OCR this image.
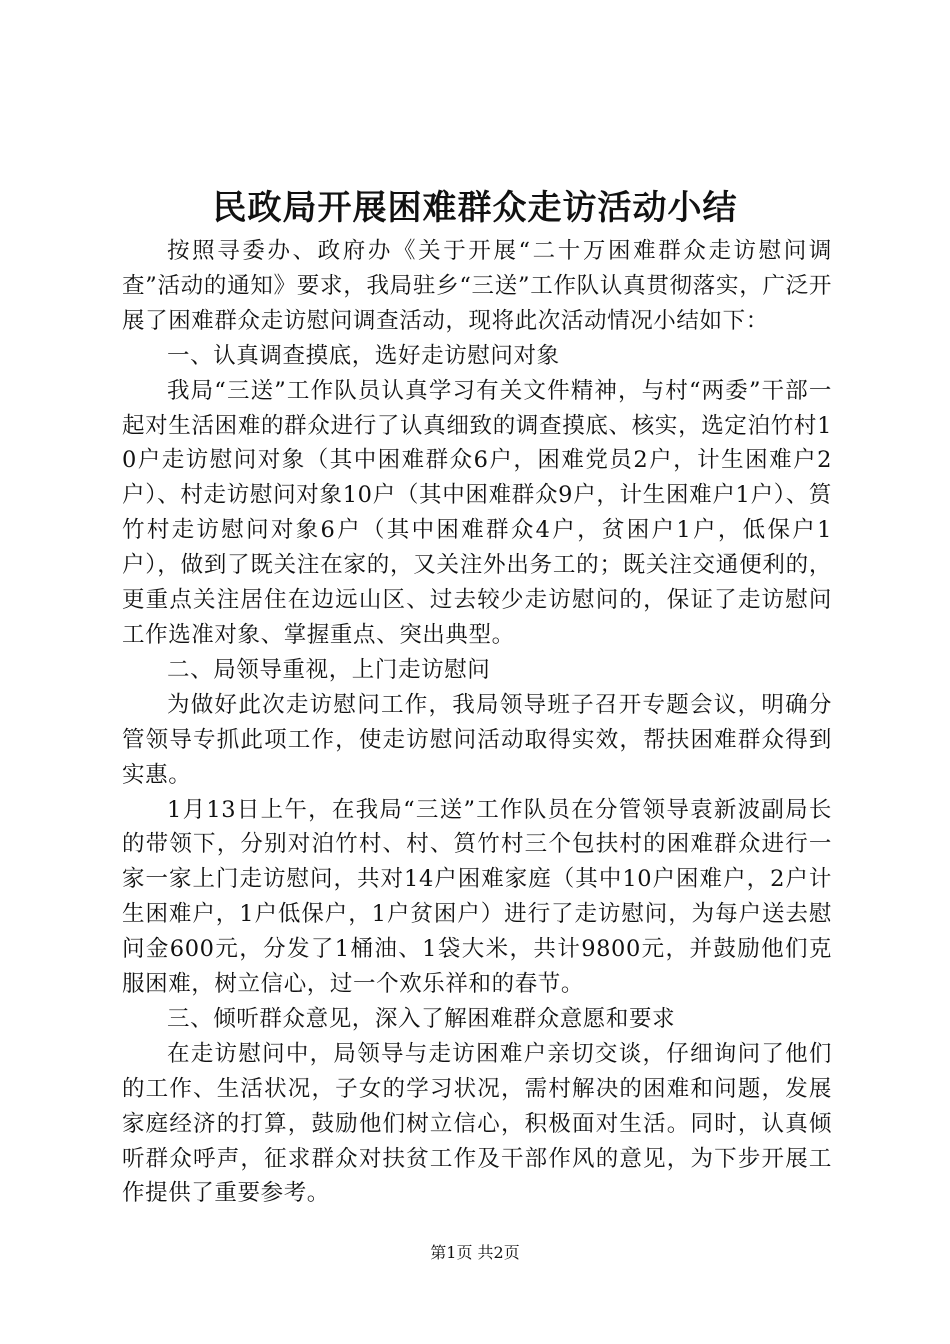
民政局开展困难群众走访活动小结

按照寻委办、政府办《关于开展“二十万困难群众走访慰问调查”活动的通知》要求，我局驻乡“三送”工作队认真贯彻落实，广泛开展了困难群众走访慰问调查活动，现将此次活动情况小结如下：

一、认真调查摸底，选好走访慰问对象

我局“三送”工作队员认真学习有关文件精神，与村“两委”干部一起对生活困难的群众进行了认真细致的调查摸底、核实，选定泊竹村10户走访慰问对象（其中困难群众6户，困难党员2户，计生困难户2户）、村走访慰问对象10户（其中困难群众9户，计生困难户1户）、筼竹村走访慰问对象6户（其中困难群众4户，贫困户1户，低保户1户），做到了既关注在家的，又关注外出务工的；既关注交通便利的，更重点关注居住在边远山区、过去较少走访慰问的，保证了走访慰问工作选准对象、掌握重点、突出典型。

二、局领导重视，上门走访慰问

为做好此次走访慰问工作，我局领导班子召开专题会议，明确分管领导专抓此项工作，使走访慰问活动取得实效，帮扶困难群众得到实惠。

1月13日上午，在我局“三送”工作队员在分管领导袁新波副局长的带领下，分别对泊竹村、村、筼竹村三个包扶村的困难群众进行一家一家上门走访慰问，共对14户困难家庭（其中10户困难户，2户计生困难户，1户低保户，1户贫困户）进行了走访慰问，为每户送去慰问金600元，分发了1桶油、1袋大米，共计9800元，并鼓励他们克服困难，树立信心，过一个欢乐祥和的春节。

三、倾听群众意见，深入了解困难群众意愿和要求

在走访慰问中，局领导与走访困难户亲切交谈，仔细询问了他们的工作、生活状况，子女的学习状况，需村解决的困难和问题，发展家庭经济的打算，鼓励他们树立信心，积极面对生活。同时，认真倾听群众呼声，征求群众对扶贫工作及干部作风的意见，为下步开展工作提供了重要参考。

第1页 共2页
